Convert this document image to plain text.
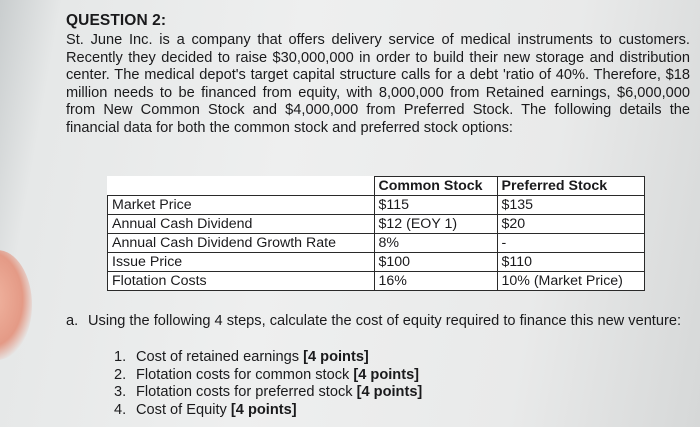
QUESTION 2:
St. June Inc. is a company that offers delivery service of medical instruments to customers. Recently they decided to raise $30,000,000 in order to build their new storage and distribution center. The medical depot's target capital structure calls for a debt 'ratio of 40%. Therefore, $18 million needs to be financed from equity, with 8,000,000 from Retained earnings, $6,000,000 from New Common Stock and $4,000,000 from Preferred Stock. The following details the financial data for both the common stock and preferred stock options:
	Common Stock	Preferred Stock
Market Price	$115	$135
Annual Cash Dividend	$12 (EOY 1)	$20
Annual Cash Dividend Growth Rate	8%	-
Issue Price	$100	$110
Flotation Costs	16%	10% (Market Price)
a. Using the following 4 steps, calculate the cost of equity required to finance this new venture:
1. Cost of retained earnings [4 points]
2. Flotation costs for common stock [4 points]
3. Flotation costs for preferred stock [4 points]
4. Cost of Equity [4 points]
